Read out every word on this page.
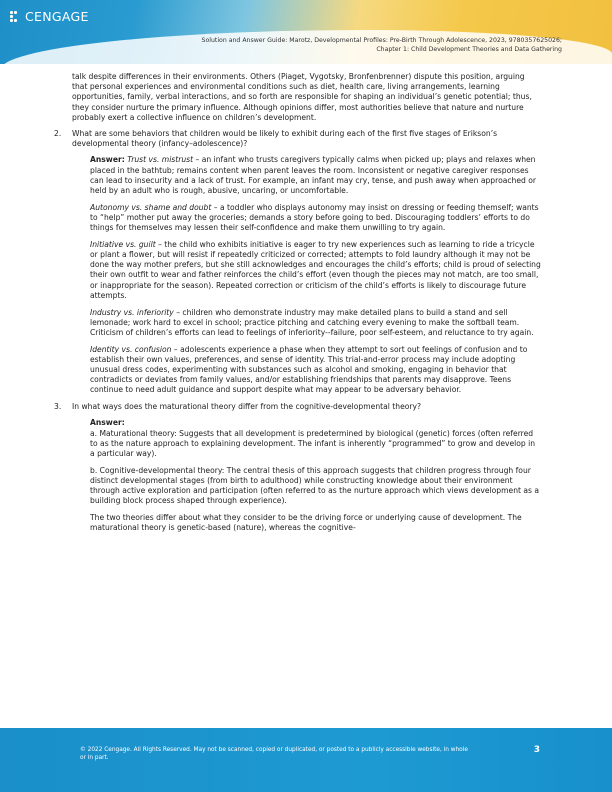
CENGAGE
Solution and Answer Guide: Marotz, Developmental Profiles: Pre-Birth Through Adolescence, 2023, 9780357625026;
Chapter 1: Child Development Theories and Data Gathering

talk despite differences in their environments. Others (Piaget, Vygotsky, Bronfenbrenner) dispute this position, arguing that personal experiences and environmental conditions such as diet, health care, living arrangements, learning opportunities, family, verbal interactions, and so forth are responsible for shaping an individual’s genetic potential; thus, they consider nurture the primary influence. Although opinions differ, most authorities believe that nature and nurture probably exert a collective influence on children’s development.

2. What are some behaviors that children would be likely to exhibit during each of the first five stages of Erikson’s developmental theory (infancy–adolescence)?

Answer: Trust vs. mistrust – an infant who trusts caregivers typically calms when picked up; plays and relaxes when placed in the bathtub; remains content when parent leaves the room. Inconsistent or negative caregiver responses can lead to insecurity and a lack of trust. For example, an infant may cry, tense, and push away when approached or held by an adult who is rough, abusive, uncaring, or uncomfortable.

Autonomy vs. shame and doubt – a toddler who displays autonomy may insist on dressing or feeding themself; wants to “help” mother put away the groceries; demands a story before going to bed. Discouraging toddlers’ efforts to do things for themselves may lessen their self-confidence and make them unwilling to try again.

Initiative vs. guilt – the child who exhibits initiative is eager to try new experiences such as learning to ride a tricycle or plant a flower, but will resist if repeatedly criticized or corrected; attempts to fold laundry although it may not be done the way mother prefers, but she still acknowledges and encourages the child’s efforts; child is proud of selecting their own outfit to wear and father reinforces the child’s effort (even though the pieces may not match, are too small, or inappropriate for the season). Repeated correction or criticism of the child’s efforts is likely to discourage future attempts.

Industry vs. inferiority – children who demonstrate industry may make detailed plans to build a stand and sell lemonade; work hard to excel in school; practice pitching and catching every evening to make the softball team. Criticism of children’s efforts can lead to feelings of inferiority--failure, poor self-esteem, and reluctance to try again.

Identity vs. confusion – adolescents experience a phase when they attempt to sort out feelings of confusion and to establish their own values, preferences, and sense of identity. This trial-and-error process may include adopting unusual dress codes, experimenting with substances such as alcohol and smoking, engaging in behavior that contradicts or deviates from family values, and/or establishing friendships that parents may disapprove. Teens continue to need adult guidance and support despite what may appear to be adversary behavior.

3. In what ways does the maturational theory differ from the cognitive-developmental theory?

Answer:

a. Maturational theory: Suggests that all development is predetermined by biological (genetic) forces (often referred to as the nature approach to explaining development. The infant is inherently “programmed” to grow and develop in a particular way).

b. Cognitive-developmental theory: The central thesis of this approach suggests that children progress through four distinct developmental stages (from birth to adulthood) while constructing knowledge about their environment through active exploration and participation (often referred to as the nurture approach which views development as a building block process shaped through experience).

The two theories differ about what they consider to be the driving force or underlying cause of development. The maturational theory is genetic-based (nature), whereas the cognitive-

© 2022 Cengage. All Rights Reserved. May not be scanned, copied or duplicated, or posted to a publicly accessible website, in whole or in part.
3
